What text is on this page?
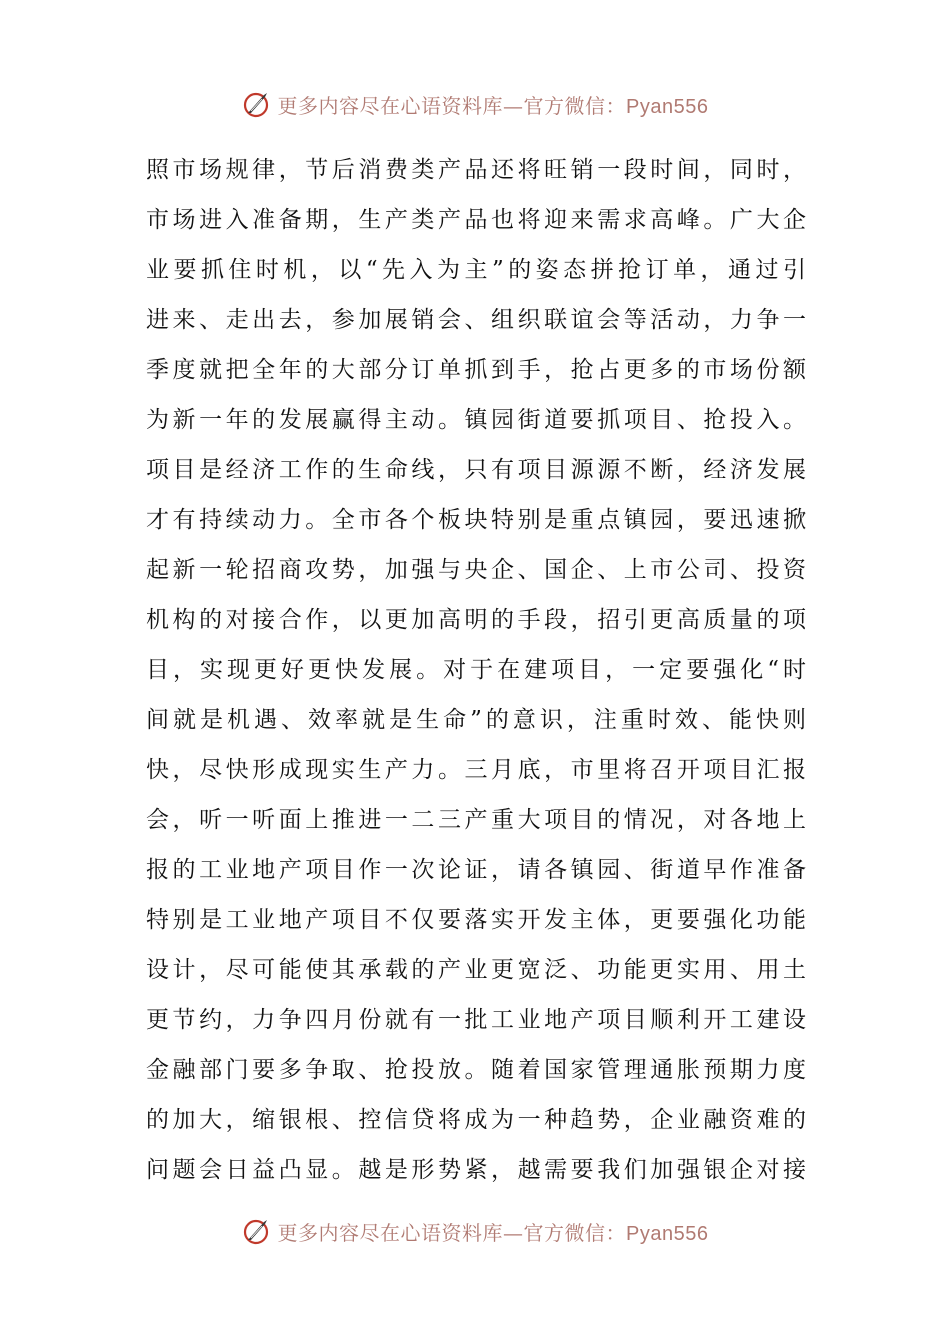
更多内容尽在心语资料库—官方微信：Pyan556
照市场规律，节后消费类产品还将旺销一段时间，同时，
市场进入准备期，生产类产品也将迎来需求高峰。广大企
业要抓住时机，以“先入为主”的姿态拼抢订单，通过引
进来、走出去，参加展销会、组织联谊会等活动，力争一
季度就把全年的大部分订单抓到手，抢占更多的市场份额
为新一年的发展赢得主动。镇园街道要抓项目、抢投入。
项目是经济工作的生命线，只有项目源源不断，经济发展
才有持续动力。全市各个板块特别是重点镇园，要迅速掀
起新一轮招商攻势，加强与央企、国企、上市公司、投资
机构的对接合作，以更加高明的手段，招引更高质量的项
目，实现更好更快发展。对于在建项目，一定要强化“时
间就是机遇、效率就是生命”的意识，注重时效、能快则
快，尽快形成现实生产力。三月底，市里将召开项目汇报
会，听一听面上推进一二三产重大项目的情况，对各地上
报的工业地产项目作一次论证，请各镇园、街道早作准备
特别是工业地产项目不仅要落实开发主体，更要强化功能
设计，尽可能使其承载的产业更宽泛、功能更实用、用土
更节约，力争四月份就有一批工业地产项目顺利开工建设
金融部门要多争取、抢投放。随着国家管理通胀预期力度
的加大，缩银根、控信贷将成为一种趋势，企业融资难的
问题会日益凸显。越是形势紧，越需要我们加强银企对接
更多内容尽在心语资料库—官方微信：Pyan556
